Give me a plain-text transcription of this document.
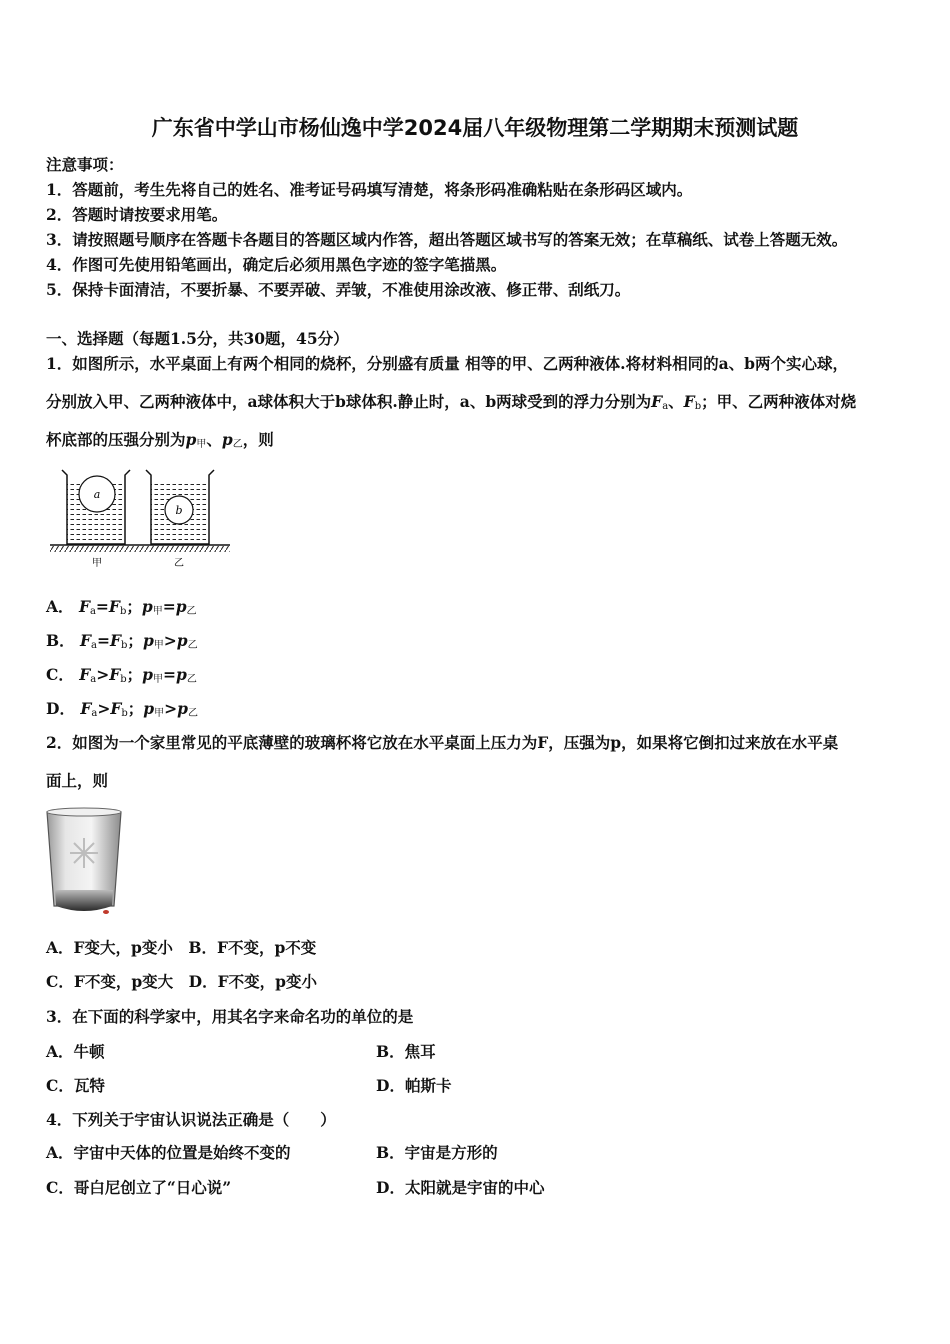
广东省中学山市杨仙逸中学2024届八年级物理第二学期期末预测试题
注意事项：
1．答题前，考生先将自己的姓名、准考证号码填写清楚，将条形码准确粘贴在条形码区域内。
2．答题时请按要求用笔。
3．请按照题号顺序在答题卡各题目的答题区域内作答，超出答题区域书写的答案无效；在草稿纸、试卷上答题无效。
4．作图可先使用铅笔画出，确定后必须用黑色字迹的签字笔描黑。
5．保持卡面清洁，不要折暴、不要弄破、弄皱，不准使用涂改液、修正带、刮纸刀。
一、选择题（每题1.5分，共30题，45分）
1．如图所示，水平桌面上有两个相同的烧杯，分别盛有质量 相等的甲、乙两种液体.将材料相同的a、b两个实心球，
分别放入甲、乙两种液体中，a球体积大于b球体积.静止时，a、b两球受到的浮力分别为$F_a$、$F_b$；甲、乙两种液体对烧
杯底部的压强分别为$p_甲$、$p_乙$，则
a
b
甲	乙
A． $F_a=F_b$；$p_甲=p_乙$
B． $F_a=F_b$；$p_甲>p_乙$
C． $F_a>F_b$；$p_甲=p_乙$
D． $F_a>F_b$；$p_甲>p_乙$
2．如图为一个家里常见的平底薄壁的玻璃杯将它放在水平桌面上压力为F，压强为p，如果将它倒扣过来放在水平桌
面上，则
A．F变大，p变小　B．F不变，p不变
C．F不变，p变大　D．F不变，p变小
3．在下面的科学家中，用其名字来命名功的单位的是
A．牛顿	B．焦耳
C．瓦特	D．帕斯卡
4．下列关于宇宙认识说法正确是（　　）
A．宇宙中天体的位置是始终不变的	B．宇宙是方形的
C．哥白尼创立了“日心说”	D．太阳就是宇宙的中心
